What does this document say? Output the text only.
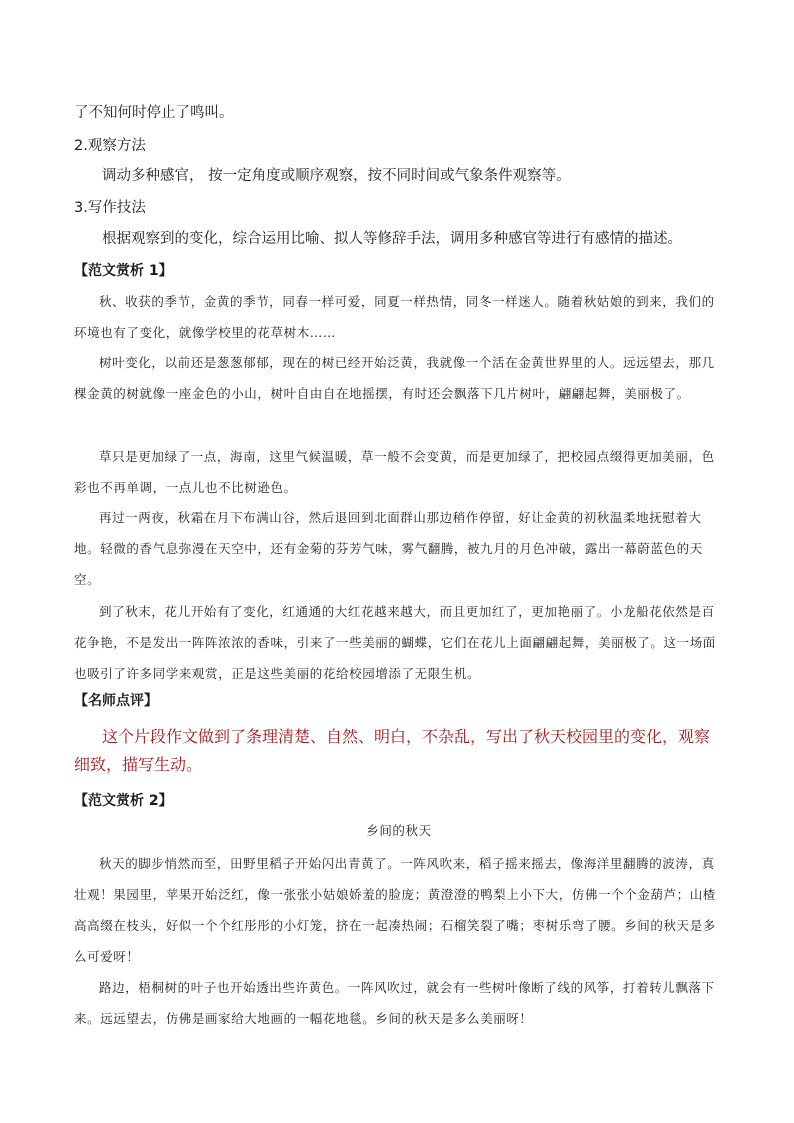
了不知何时停止了鸣叫。
2.观察方法
调动多种感官， 按一定角度或顺序观察，按不同时间或气象条件观察等。
3.写作技法
根据观察到的变化，综合运用比喻、拟人等修辞手法，调用多种感官等进行有感情的描述。
【范文赏析 1】
秋、收获的季节，金黄的季节，同春一样可爱，同夏一样热情，同冬一样迷人。随着秋姑娘的到来，我们的环境也有了变化，就像学校里的花草树木……
树叶变化，以前还是葱葱郁郁，现在的树已经开始泛黄，我就像一个活在金黄世界里的人。远远望去，那几棵金黄的树就像一座金色的小山，树叶自由自在地摇摆，有时还会飘落下几片树叶，翩翩起舞，美丽极了。
草只是更加绿了一点，海南，这里气候温暖，草一般不会变黄，而是更加绿了，把校园点缀得更加美丽，色彩也不再单调，一点儿也不比树逊色。
再过一两夜，秋霜在月下布满山谷，然后退回到北面群山那边稍作停留，好让金黄的初秋温柔地抚慰着大地。轻微的香气息弥漫在天空中，还有金菊的芬芳气味，雾气翻腾，被九月的月色冲破，露出一幕蔚蓝色的天空。
到了秋末，花儿开始有了变化，红通通的大红花越来越大，而且更加红了，更加艳丽了。小龙船花依然是百花争艳，不是发出一阵阵浓浓的香味，引来了一些美丽的蝴蝶，它们在花儿上面翩翩起舞，美丽极了。这一场面也吸引了许多同学来观赏，正是这些美丽的花给校园增添了无限生机。
【名师点评】
这个片段作文做到了条理清楚、自然、明白，不杂乱，写出了秋天校园里的变化，观察细致，描写生动。
【范文赏析 2】
乡间的秋天
秋天的脚步悄然而至，田野里稻子开始闪出青黄了。一阵风吹来，稻子摇来摇去，像海洋里翻腾的波涛，真壮观！果园里，苹果开始泛红，像一张张小姑娘娇羞的脸庞；黄澄澄的鸭梨上小下大，仿佛一个个金葫芦；山楂高高缀在枝头，好似一个个红彤彤的小灯笼，挤在一起凑热闹；石榴笑裂了嘴；枣树乐弯了腰。乡间的秋天是多么可爱呀！
路边，梧桐树的叶子也开始透出些许黄色。一阵风吹过，就会有一些树叶像断了线的风筝，打着转儿飘落下来。远远望去，仿佛是画家给大地画的一幅花地毯。乡间的秋天是多么美丽呀！
